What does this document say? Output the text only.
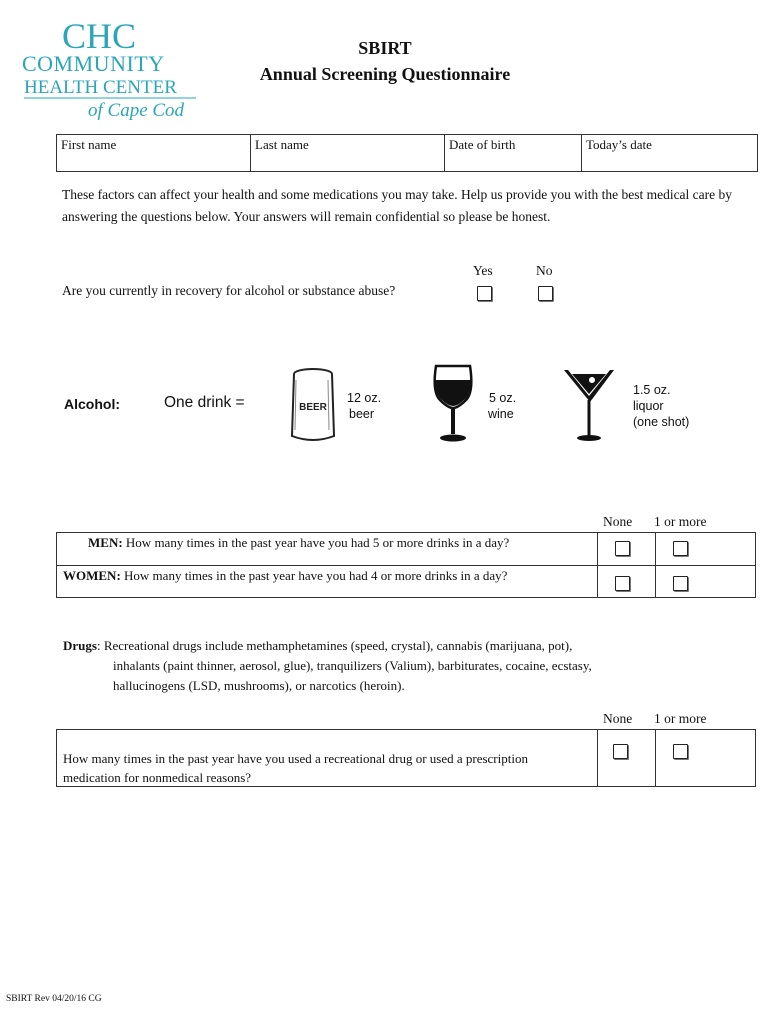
CHC
COMMUNITY
HEALTH CENTER
of Cape Cod
SBIRT
Annual Screening Questionnaire
First name	Last name	Date of birth	Today’s date
These factors can affect your health and some medications you may take. Help us provide you with the best medical care by answering the questions below. Your answers will remain confidential so please be honest.
Yes	No
Are you currently in recovery for alcohol or substance abuse?
Alcohol:	One drink =	BEER
12 oz.
beer
5 oz.
wine
1.5 oz.
liquor
(one shot)
None 1 or more
MEN: How many times in the past year have you had 5 or more drinks in a day?
WOMEN: How many times in the past year have you had 4 or more drinks in a day?
Drugs: Recreational drugs include methamphetamines (speed, crystal), cannabis (marijuana, pot),
inhalants (paint thinner, aerosol, glue), tranquilizers (Valium), barbiturates, cocaine, ecstasy,
hallucinogens (LSD, mushrooms), or narcotics (heroin).
None 1 or more
How many times in the past year have you used a recreational drug or used a prescription
medication for nonmedical reasons?
SBIRT Rev 04/20/16 CG
